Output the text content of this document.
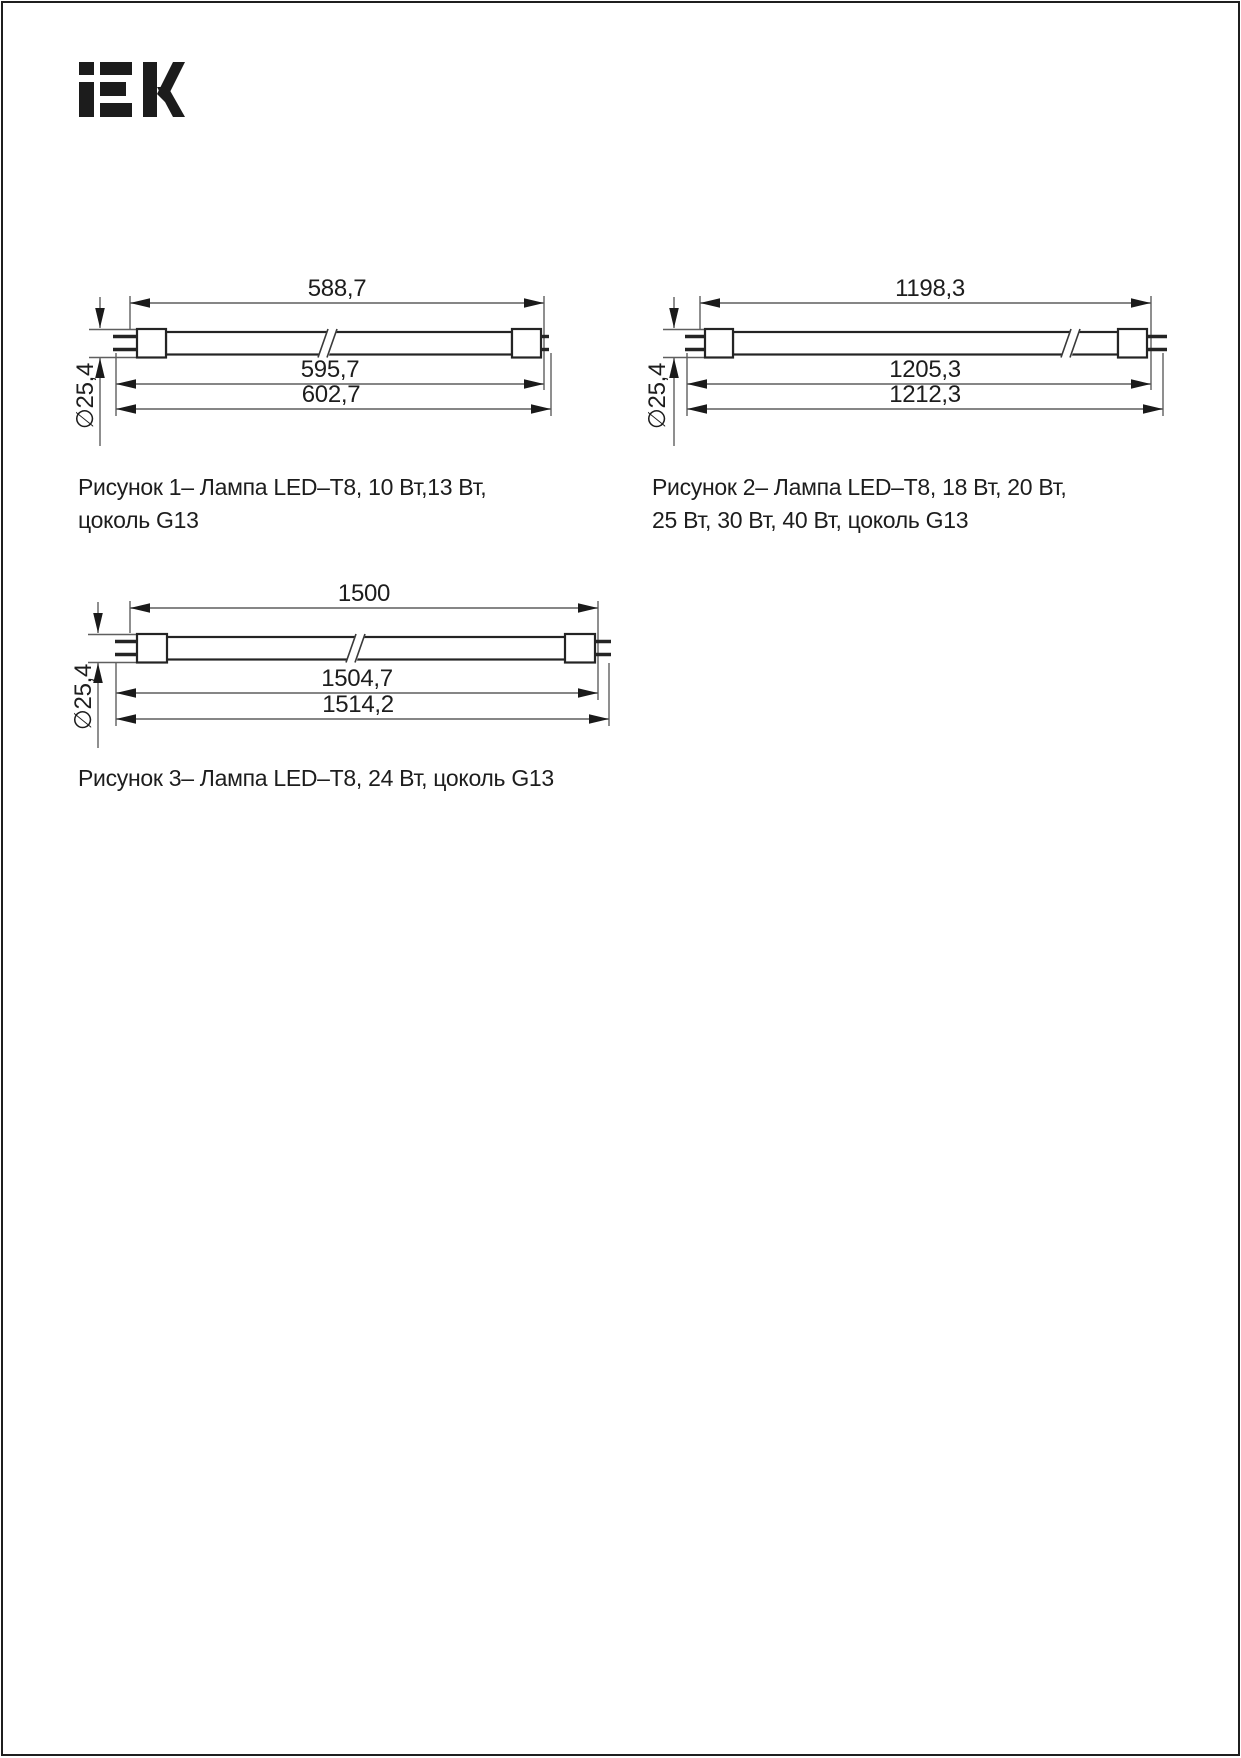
588,7
595,7
602,7
∅25,4
1198,3
1205,3
1212,3
∅25,4
1500
1504,7
1514,2
∅25,4
Рисунок 1– Лампа LED–T8, 10 Вт,13 Вт,
цоколь G13
Рисунок 2– Лампа LED–T8, 18 Вт, 20 Вт,
25 Вт, 30 Вт, 40 Вт, цоколь G13
Рисунок 3– Лампа LED–T8, 24 Вт, цоколь G13
